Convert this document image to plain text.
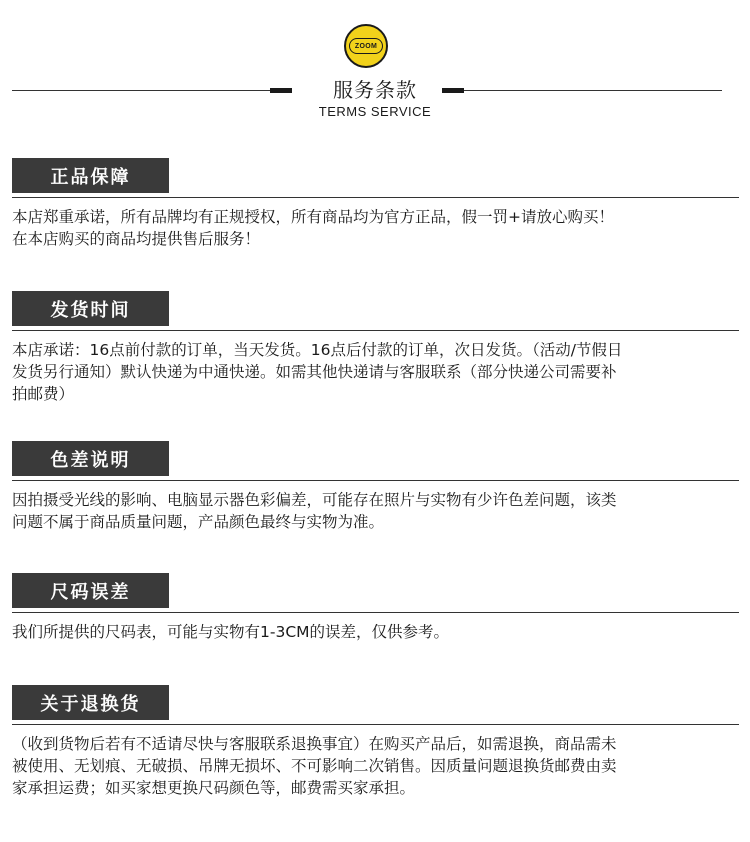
ZOOM
服务条款
TERMS SERVICE
正品保障
本店郑重承诺，所有品牌均有正规授权，所有商品均为官方正品，假一罚+请放心购买！
在本店购买的商品均提供售后服务！
发货时间
本店承诺：16点前付款的订单，当天发货。16点后付款的订单，次日发货。（活动/节假日
发货另行通知）默认快递为中通快递。如需其他快递请与客服联系（部分快递公司需要补
拍邮费）
色差说明
因拍摄受光线的影响、电脑显示器色彩偏差，可能存在照片与实物有少许色差问题，该类
问题不属于商品质量问题，产品颜色最终与实物为准。
尺码误差
我们所提供的尺码表，可能与实物有1-3CM的误差，仅供参考。
关于退换货
（收到货物后若有不适请尽快与客服联系退换事宜）在购买产品后，如需退换，商品需未
被使用、无划痕、无破损、吊牌无损坏、不可影响二次销售。因质量问题退换货邮费由卖
家承担运费；如买家想更换尺码颜色等，邮费需买家承担。
